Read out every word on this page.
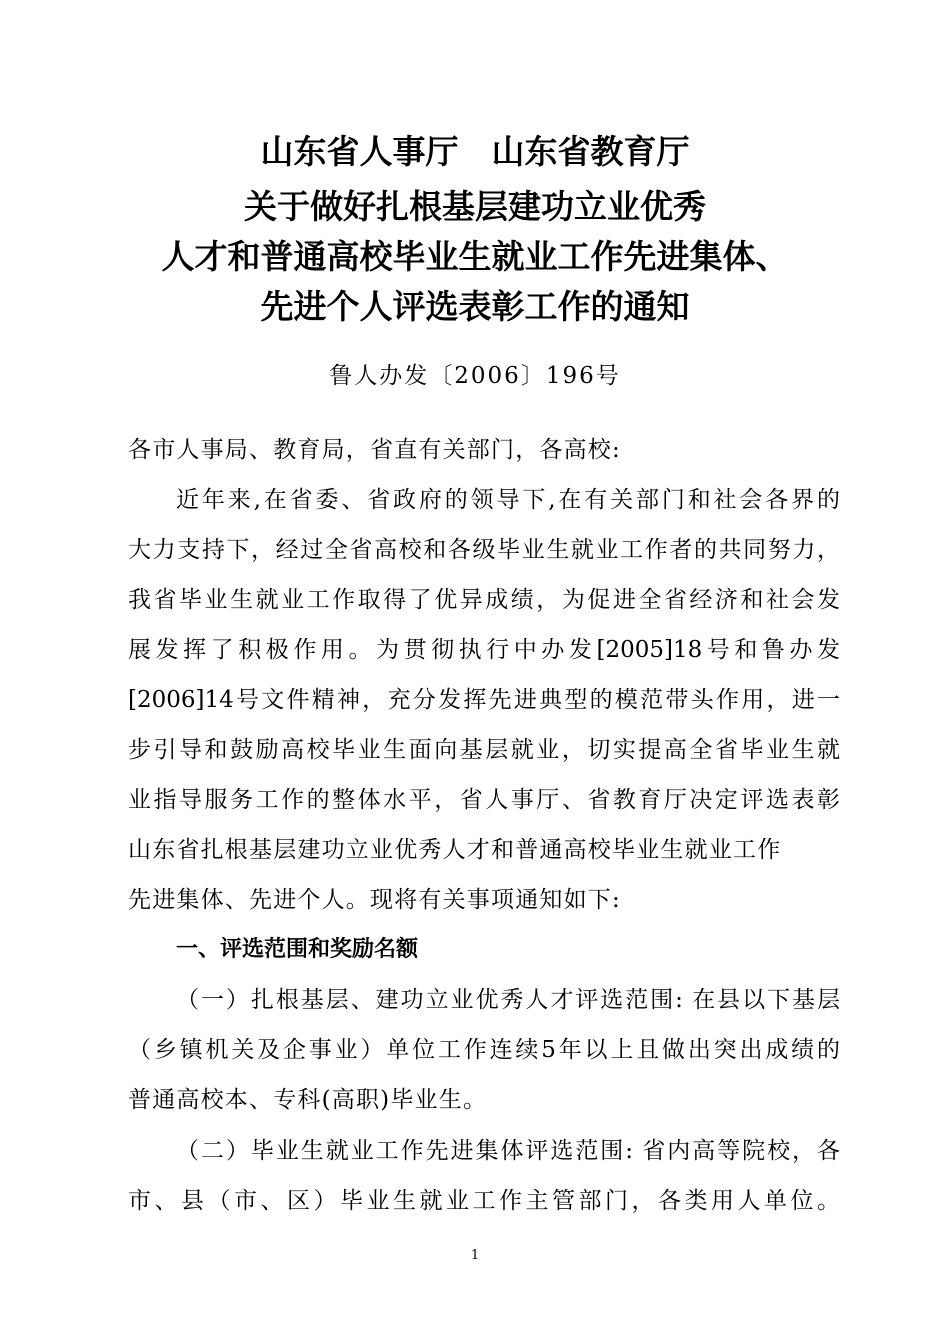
山东省人事厅　山东省教育厅
关于做好扎根基层建功立业优秀
人才和普通高校毕业生就业工作先进集体、
先进个人评选表彰工作的通知
鲁人办发〔2006〕196号
各市人事局、教育局，省直有关部门，各高校:
近年来,在省委、省政府的领导下,在有关部门和社会各界的
大力支持下，经过全省高校和各级毕业生就业工作者的共同努力，
我省毕业生就业工作取得了优异成绩，为促进全省经济和社会发
展发挥了积极作用。为贯彻执行中办发[2005]18号和鲁办发
[2006]14号文件精神，充分发挥先进典型的模范带头作用，进一
步引导和鼓励高校毕业生面向基层就业，切实提高全省毕业生就
业指导服务工作的整体水平，省人事厅、省教育厅决定评选表彰
山东省扎根基层建功立业优秀人才和普通高校毕业生就业工作
先进集体、先进个人。现将有关事项通知如下:
一、评选范围和奖励名额
（一）扎根基层、建功立业优秀人才评选范围: 在县以下基层
（乡镇机关及企事业）单位工作连续5年以上且做出突出成绩的
普通高校本、专科(高职)毕业生。
（二）毕业生就业工作先进集体评选范围: 省内高等院校，各
市、县（市、区）毕业生就业工作主管部门，各类用人单位。
1
